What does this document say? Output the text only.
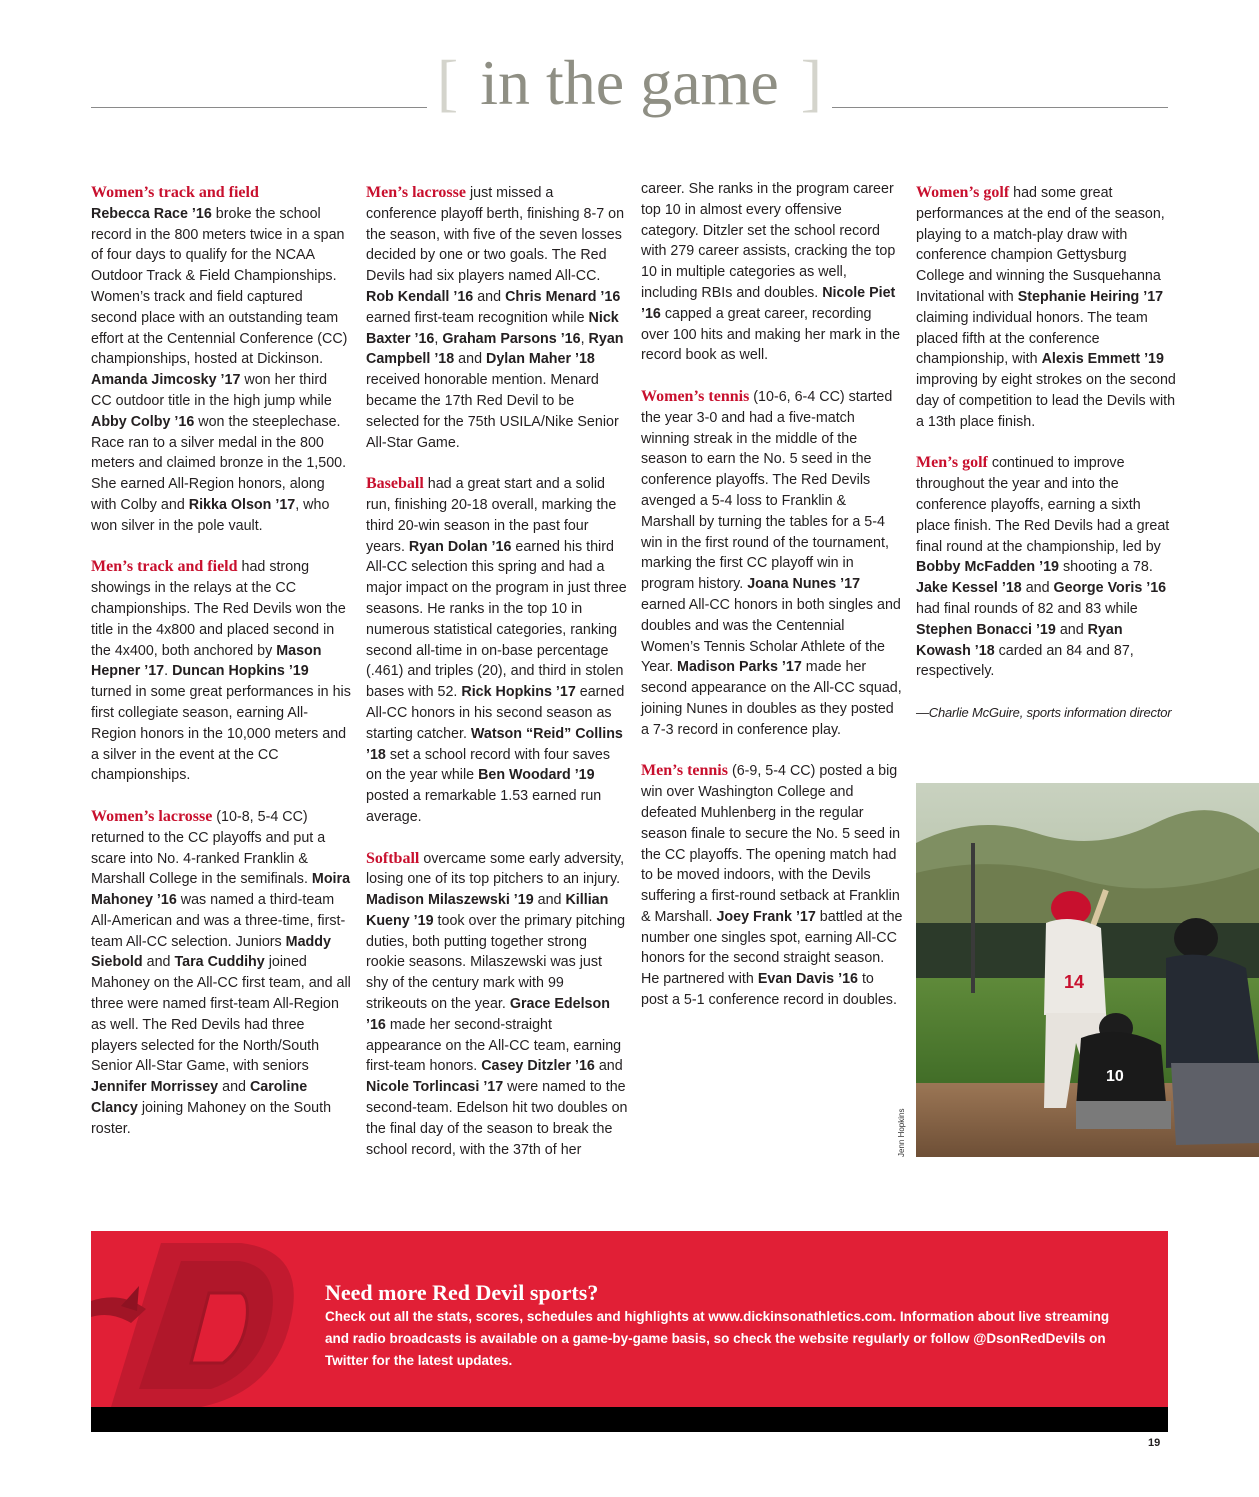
[ in the game ]

Women’s track and field
Rebecca Race ’16 broke the school record in the 800 meters twice in a span of four days to qualify for the NCAA Outdoor Track & Field Championships. Women’s track and field captured second place with an outstanding team effort at the Centennial Conference (CC) championships, hosted at Dickinson. Amanda Jimcosky ’17 won her third CC outdoor title in the high jump while Abby Colby ’16 won the steeplechase. Race ran to a silver medal in the 800 meters and claimed bronze in the 1,500. She earned All-Region honors, along with Colby and Rikka Olson ’17, who won silver in the pole vault.

Men’s track and field had strong showings in the relays at the CC championships. The Red Devils won the title in the 4x800 and placed second in the 4x400, both anchored by Mason Hepner ’17. Duncan Hopkins ’19 turned in some great performances in his first collegiate season, earning All-Region honors in the 10,000 meters and a silver in the event at the CC championships.

Women’s lacrosse (10-8, 5-4 CC) returned to the CC playoffs and put a scare into No. 4-ranked Franklin & Marshall College in the semifinals. Moira Mahoney ’16 was named a third-team All-American and was a three-time, first-team All-CC selection. Juniors Maddy Siebold and Tara Cuddihy joined Mahoney on the All-CC first team, and all three were named first-team All-Region as well. The Red Devils had three players selected for the North/South Senior All-Star Game, with seniors Jennifer Morrissey and Caroline Clancy joining Mahoney on the South roster.

Men’s lacrosse just missed a conference playoff berth, finishing 8-7 on the season, with five of the seven losses decided by one or two goals. The Red Devils had six players named All-CC. Rob Kendall ’16 and Chris Menard ’16 earned first-team recognition while Nick Baxter ’16, Graham Parsons ’16, Ryan Campbell ’18 and Dylan Maher ’18 received honorable mention. Menard became the 17th Red Devil to be selected for the 75th USILA/Nike Senior All-Star Game.

Baseball had a great start and a solid run, finishing 20-18 overall, marking the third 20-win season in the past four years. Ryan Dolan ’16 earned his third All-CC selection this spring and had a major impact on the program in just three seasons. He ranks in the top 10 in numerous statistical categories, ranking second all-time in on-base percentage (.461) and triples (20), and third in stolen bases with 52. Rick Hopkins ’17 earned All-CC honors in his second season as starting catcher. Watson “Reid” Collins ’18 set a school record with four saves on the year while Ben Woodard ’19 posted a remarkable 1.53 earned run average.

Softball overcame some early adversity, losing one of its top pitchers to an injury. Madison Milaszewski ’19 and Killian Kueny ’19 took over the primary pitching duties, both putting together strong rookie seasons. Milaszewski was just shy of the century mark with 99 strikeouts on the year. Grace Edelson ’16 made her second-straight appearance on the All-CC team, earning first-team honors. Casey Ditzler ’16 and Nicole Torlincasi ’17 were named to the second-team. Edelson hit two doubles on the final day of the season to break the school record, with the 37th of her

career. She ranks in the program career top 10 in almost every offensive category. Ditzler set the school record with 279 career assists, cracking the top 10 in multiple categories as well, including RBIs and doubles. Nicole Piet ’16 capped a great career, recording over 100 hits and making her mark in the record book as well.

Women’s tennis (10-6, 6-4 CC) started the year 3-0 and had a five-match winning streak in the middle of the season to earn the No. 5 seed in the conference playoffs. The Red Devils avenged a 5-4 loss to Franklin & Marshall by turning the tables for a 5-4 win in the first round of the tournament, marking the first CC playoff win in program history. Joana Nunes ’17 earned All-CC honors in both singles and doubles and was the Centennial Women’s Tennis Scholar Athlete of the Year. Madison Parks ’17 made her second appearance on the All-CC squad, joining Nunes in doubles as they posted a 7-3 record in conference play.

Men’s tennis (6-9, 5-4 CC) posted a big win over Washington College and defeated Muhlenberg in the regular season finale to secure the No. 5 seed in the CC playoffs. The opening match had to be moved indoors, with the Devils suffering a first-round setback at Franklin & Marshall. Joey Frank ’17 battled at the number one singles spot, earning All-CC honors for the second straight season. He partnered with Evan Davis ’16 to post a 5-1 conference record in doubles.

Women’s golf had some great performances at the end of the season, playing to a match-play draw with conference champion Gettysburg College and winning the Susquehanna Invitational with Stephanie Heiring ’17 claiming individual honors. The team placed fifth at the conference championship, with Alexis Emmett ’19 improving by eight strokes on the second day of competition to lead the Devils with a 13th place finish.

Men’s golf continued to improve throughout the year and into the conference playoffs, earning a sixth place finish. The Red Devils had a great final round at the championship, led by Bobby McFadden ’19 shooting a 78. Jake Kessel ’18 and George Voris ’16 had final rounds of 82 and 83 while Stephen Bonacci ’19 and Ryan Kowash ’18 carded an 84 and 87, respectively.

—Charlie McGuire, sports information director

14
10
Jenn Hopkins
Need more Red Devil sports?
Check out all the stats, scores, schedules and highlights at www.dickinsonathletics.com. Information about live streaming and radio broadcasts is available on a game-by-game basis, so check the website regularly or follow @DsonRedDevils on Twitter for the latest updates.
19
